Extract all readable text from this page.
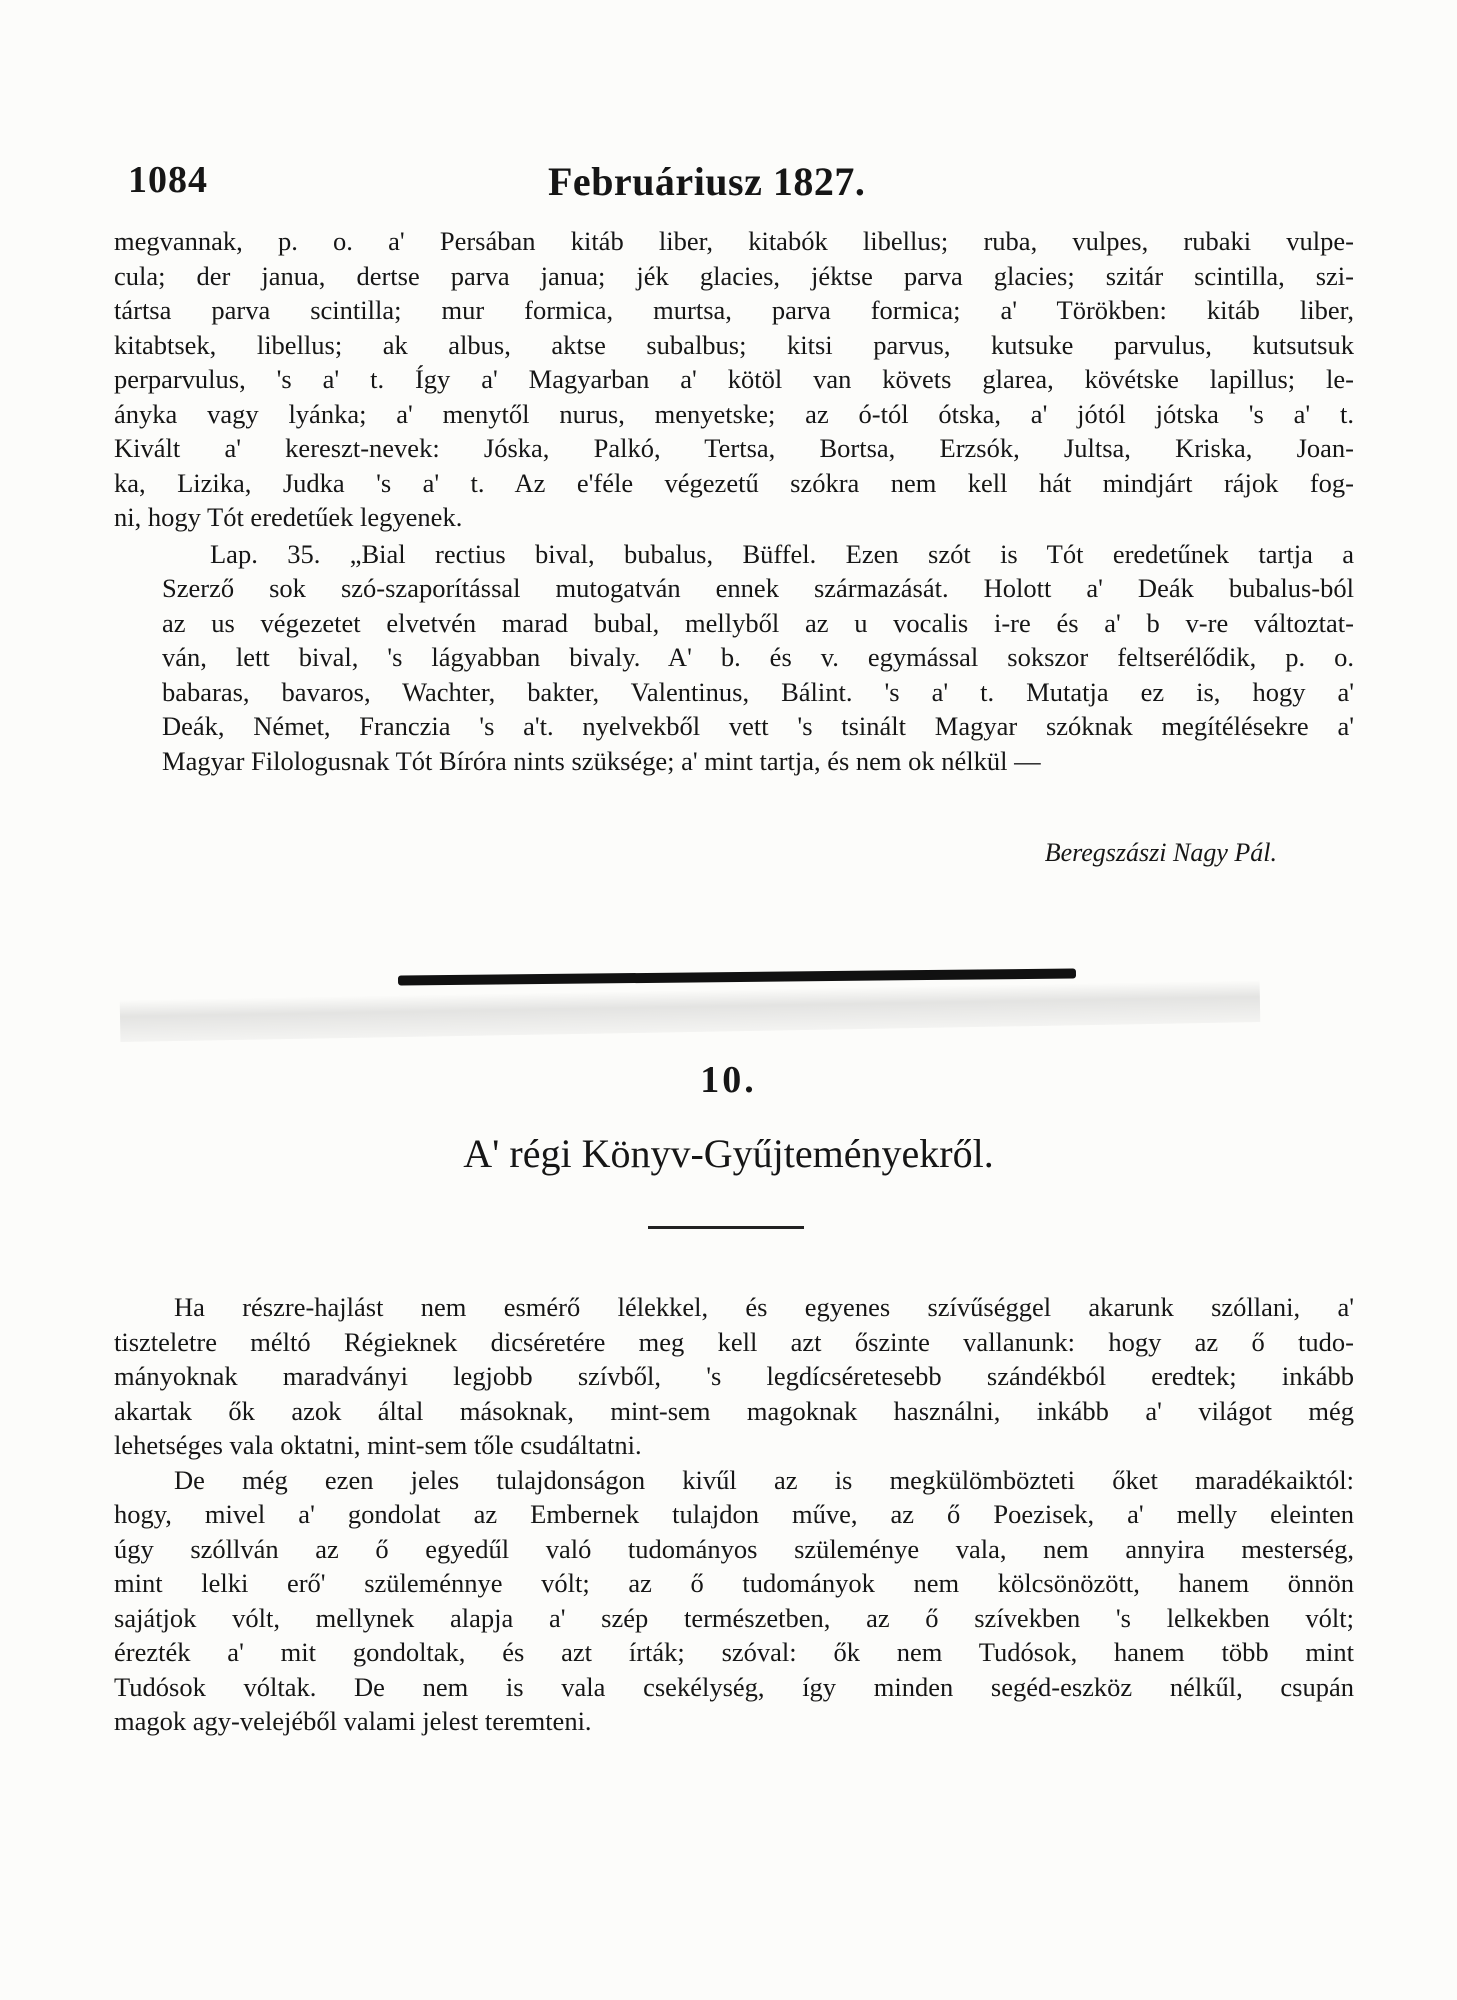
1084	Februáriusz 1827.

megvannak, p. o. a' Persában kitáb liber, kitabók libellus; ruba, vulpes, rubaki vulpe-
cula; der janua, dertse parva janua; jék glacies, jéktse parva glacies; szitár scintilla, szi-
tártsa parva scintilla; mur formica, murtsa, parva formica; a' Törökben: kitáb liber,
kitabtsek, libellus; ak albus, aktse subalbus; kitsi parvus, kutsuke parvulus, kutsutsuk
perparvulus, 's a' t. Így a' Magyarban a' kötöl van követs glarea, kövétske lapillus; le-
ányka vagy lyánka; a' menytől nurus, menyetske; az ó-tól ótska, a' jótól jótska 's a' t.
Kivált a' kereszt-nevek: Jóska, Palkó, Tertsa, Bortsa, Erzsók, Jultsa, Kriska, Joan-
ka, Lizika, Judka 's a' t. Az e'féle végezetű szókra nem kell hát mindjárt rájok fog-
ni, hogy Tót eredetűek legyenek.

Lap. 35. „Bial rectius bival, bubalus, Büffel. Ezen szót is Tót eredetűnek tartja a
Szerző sok szó-szaporítással mutogatván ennek származását. Holott a' Deák bubalus-ból
az us végezetet elvetvén marad bubal, mellyből az u vocalis i-re és a' b v-re változtat-
ván, lett bival, 's lágyabban bivaly. A' b. és v. egymással sokszor feltserélődik, p. o.
babaras, bavaros, Wachter, bakter, Valentinus, Bálint. 's a' t. Mutatja ez is, hogy a'
Deák, Német, Franczia 's a't. nyelvekből vett 's tsinált Magyar szóknak megítélésekre a'
Magyar Filologusnak Tót Bíróra nints szüksége; a' mint tartja, és nem ok nélkül —

Beregszászi Nagy Pál.
10.
A' régi Könyv-Gyűjteményekről.

Ha részre-hajlást nem esmérő lélekkel, és egyenes szívűséggel akarunk szóllani, a'
tiszteletre méltó Régieknek dicséretére meg kell azt őszinte vallanunk: hogy az ő tudo-
mányoknak maradványi legjobb szívből, 's legdícséretesebb szándékból eredtek; inkább
akartak ők azok által másoknak, mint-sem magoknak használni, inkább a' világot még
lehetséges vala oktatni, mint-sem tőle csudáltatni.

De még ezen jeles tulajdonságon kivűl az is megkülömbözteti őket maradékaiktól:
hogy, mivel a' gondolat az Embernek tulajdon műve, az ő Poezisek, a' melly eleinten
úgy szóllván az ő egyedűl való tudományos szüleménye vala, nem annyira mesterség,
mint lelki erő' szüleménnye vólt; az ő tudományok nem kölcsönözött, hanem önnön
sajátjok vólt, mellynek alapja a' szép természetben, az ő szívekben 's lelkekben vólt;
érezték a' mit gondoltak, és azt írták; szóval: ők nem Tudósok, hanem több mint
Tudósok vóltak. De nem is vala csekélység, így minden segéd-eszköz nélkűl, csupán
magok agy-velejéből valami jelest teremteni.
